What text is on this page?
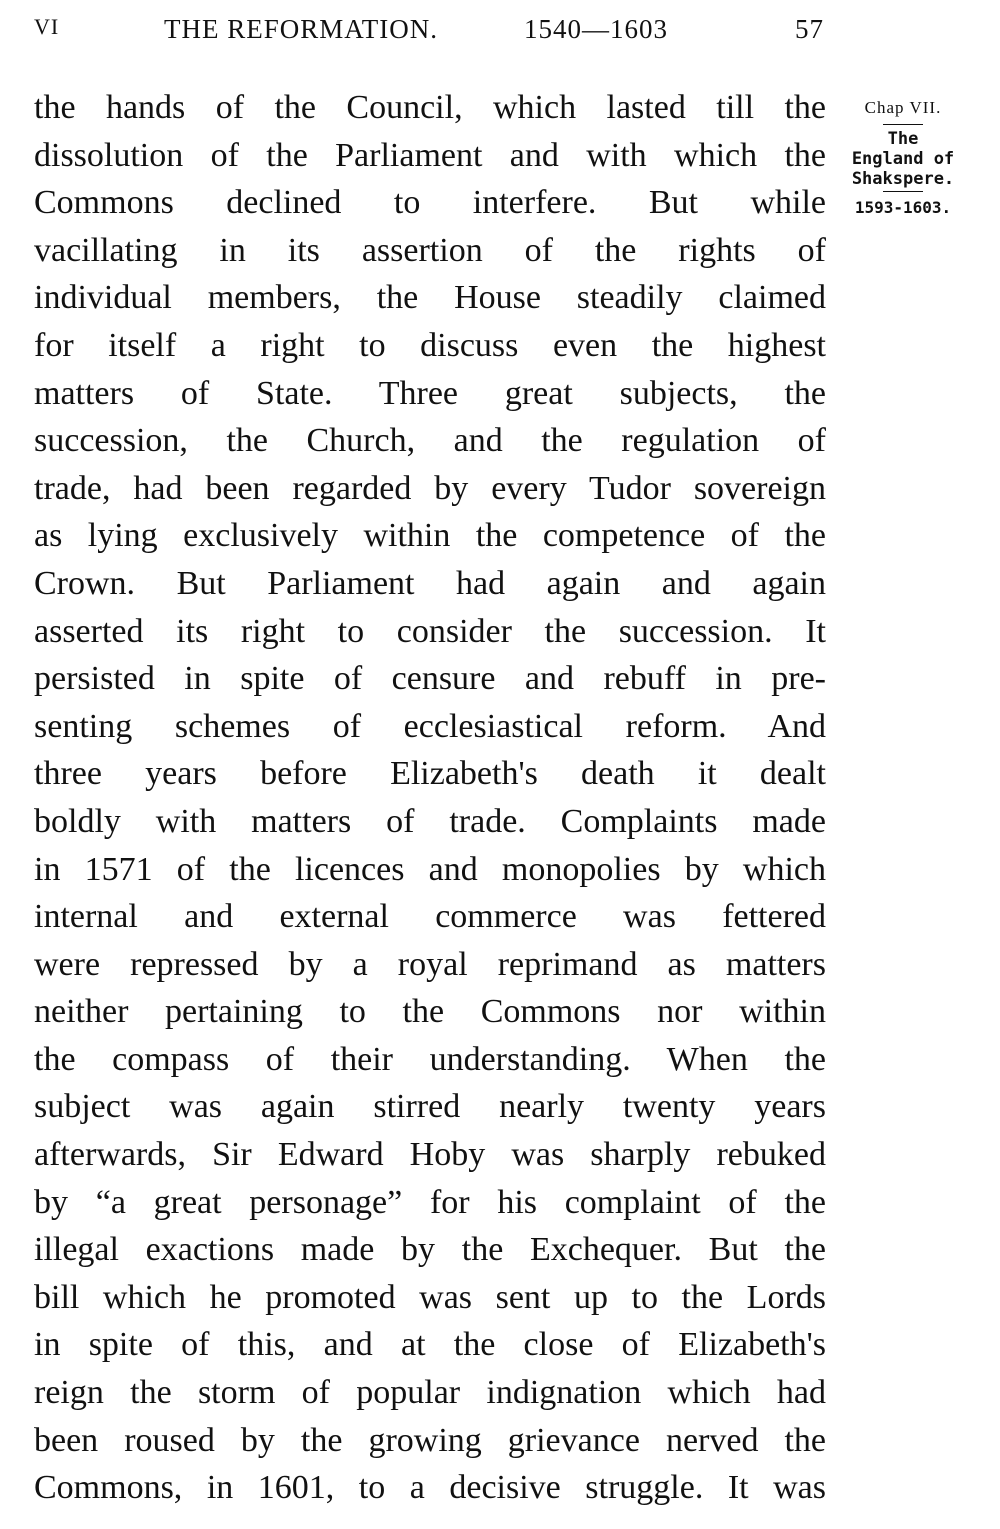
VI	THE REFORMATION.	1540—1603	57
the hands of the Council, which lasted till the
dissolution of the Parliament and with which the
Commons declined to interfere. But while
vacillating in its assertion of the rights of
individual members, the House steadily claimed
for itself a right to discuss even the highest
matters of State. Three great subjects, the
succession, the Church, and the regulation of
trade, had been regarded by every Tudor sovereign
as lying exclusively within the competence of the
Crown. But Parliament had again and again
asserted its right to consider the succession. It
persisted in spite of censure and rebuff in pre-
senting schemes of ecclesiastical reform. And
three years before Elizabeth's death it dealt
boldly with matters of trade. Complaints made
in 1571 of the licences and monopolies by which
internal and external commerce was fettered
were repressed by a royal reprimand as matters
neither pertaining to the Commons nor within
the compass of their understanding. When the
subject was again stirred nearly twenty years
afterwards, Sir Edward Hoby was sharply rebuked
by “a great personage” for his complaint of the
illegal exactions made by the Exchequer. But the
bill which he promoted was sent up to the Lords
in spite of this, and at the close of Elizabeth's
reign the storm of popular indignation which had
been roused by the growing grievance nerved the
Commons, in 1601, to a decisive struggle. It was
Chap VII.
The
England of
Shakspere.
1593-1603.
